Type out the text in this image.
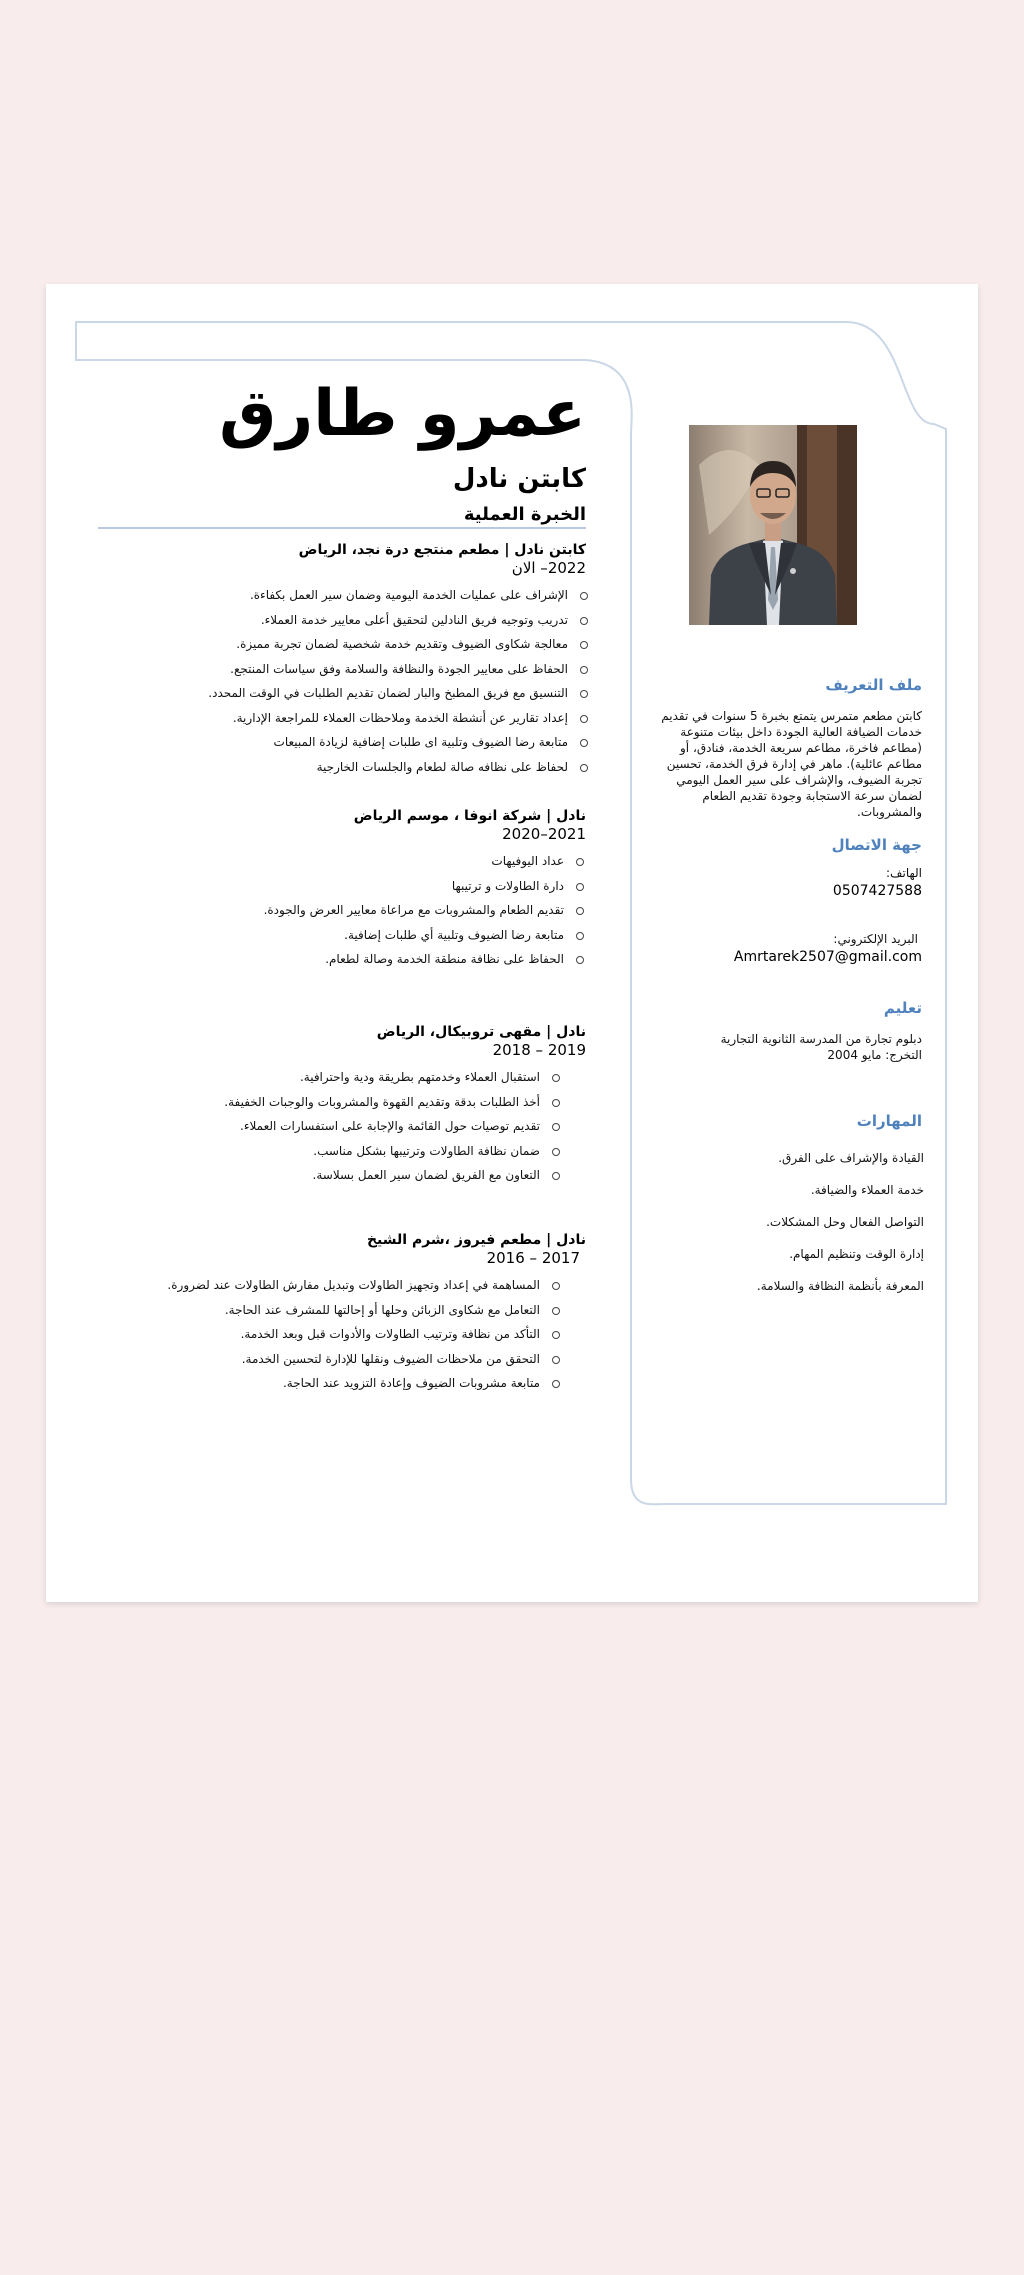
عمرو طارق
كابتن نادل
الخبرة العملية
كابتن نادل | مطعم منتجع درة نجد، الرياض
2022– الان
الإشراف على عمليات الخدمة اليومية وضمان سير العمل بكفاءة.
تدريب وتوجيه فريق النادلين لتحقيق أعلى معايير خدمة العملاء.
معالجة شكاوى الضيوف وتقديم خدمة شخصية لضمان تجربة مميزة.
الحفاظ على معايير الجودة والنظافة والسلامة وفق سياسات المنتجع.
التنسيق مع فريق المطبخ والبار لضمان تقديم الطلبات في الوقت المحدد.
إعداد تقارير عن أنشطة الخدمة وملاحظات العملاء للمراجعة الإدارية.
متابعة رضا الضيوف وتلبية اى طلبات إضافية لزيادة المبيعات
لحفاظ على نظافه صالة لطعام والجلسات الخارجية
نادل | شركة انوفا ، موسم الرياض
2021–2020
عداد اليوفيهات
دارة الطاولات و ترتيبها
تقديم الطعام والمشروبات مع مراعاة معايير العرض والجودة.
متابعة رضا الضيوف وتلبية أي طلبات إضافية.
الحفاظ على نظافة منطقة الخدمة وصالة لطعام.
نادل | مقهى تروبيكال، الرياض
2019 – 2018
استقبال العملاء وخدمتهم بطريقة ودية واحترافية.
أخذ الطلبات بدقة وتقديم القهوة والمشروبات والوجبات الخفيفة.
تقديم توصيات حول القائمة والإجابة على استفسارات العملاء.
ضمان نظافة الطاولات وترتيبها بشكل مناسب.
التعاون مع الفريق لضمان سير العمل بسلاسة.
نادل | مطعم فيروز ،شرم الشيخ
2017 – 2016
المساهمة في إعداد وتجهيز الطاولات وتبديل مفارش الطاولات عند لضرورة.
التعامل مع شكاوى الزبائن وحلها أو إحالتها للمشرف عند الحاجة.
التأكد من نظافة وترتيب الطاولات والأدوات قبل وبعد الخدمة.
التحقق من ملاحظات الضيوف ونقلها للإدارة لتحسين الخدمة.
متابعة مشروبات الضيوف وإعادة التزويد عند الحاجة.
ملف التعريف
كابتن مطعم متمرس يتمتع بخبرة 5 سنوات في تقديم خدمات الضيافة العالية الجودة داخل بيئات متنوعة (مطاعم فاخرة، مطاعم سريعة الخدمة، فنادق، أو مطاعم عائلية). ماهر في إدارة فرق الخدمة، تحسين تجربة الضيوف، والإشراف على سير العمل اليومي لضمان سرعة الاستجابة وجودة تقديم الطعام والمشروبات.
جهة الاتصال
الهاتف:
0507427588
البريد الإلكتروني:
Amrtarek2507@gmail.com
تعليم
دبلوم تجارة من المدرسة الثانوية التجارية
التخرج: مايو 2004
المهارات
القيادة والإشراف على الفرق.
خدمة العملاء والضيافة.
التواصل الفعال وحل المشكلات.
إدارة الوقت وتنظيم المهام.
المعرفة بأنظمة النظافة والسلامة.
